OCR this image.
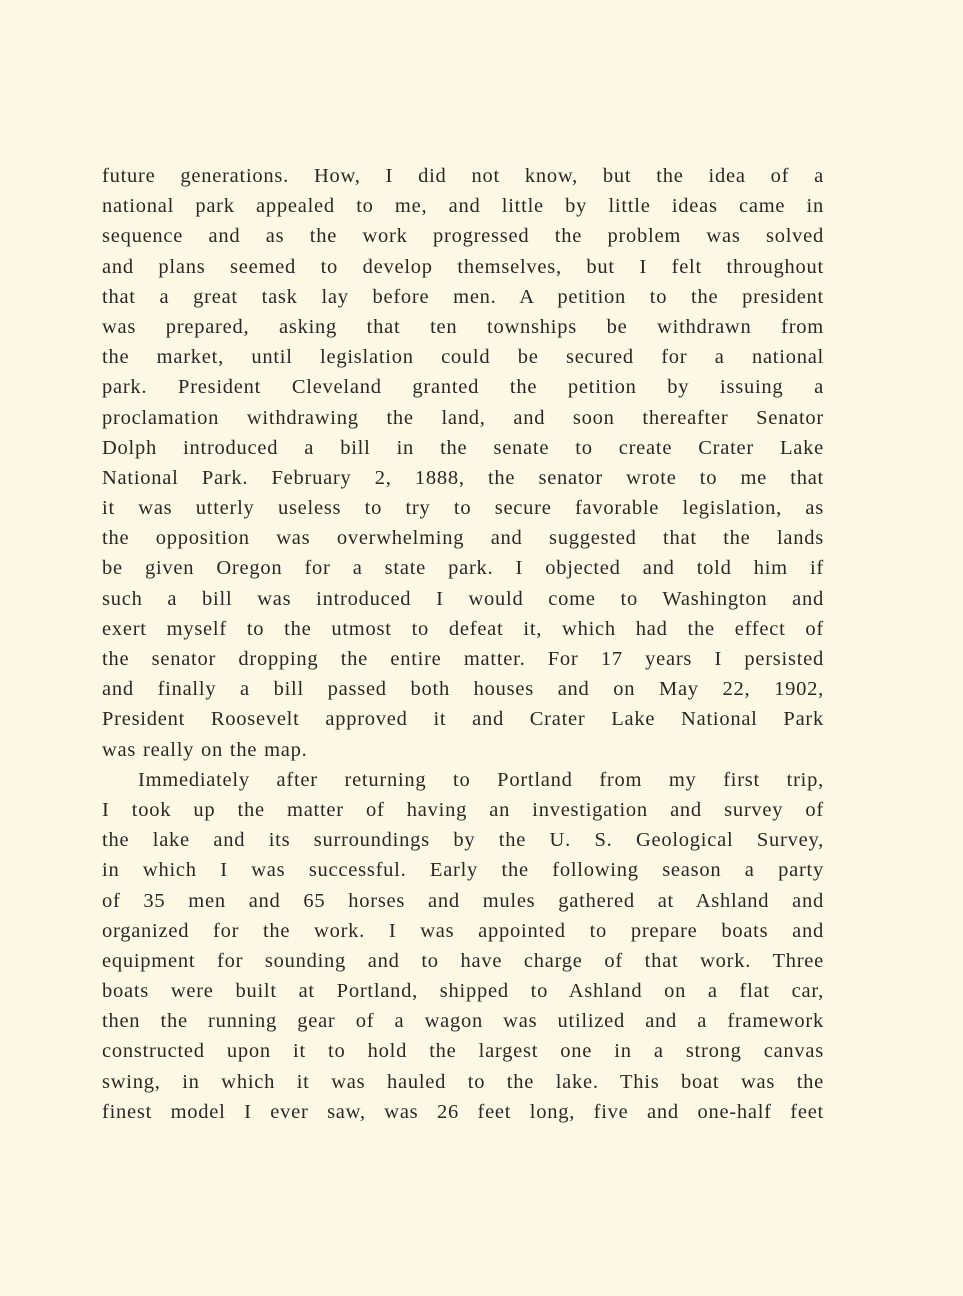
future generations. How, I did not know, but the idea of a
national park appealed to me, and little by little ideas came in
sequence and as the work progressed the problem was solved
and plans seemed to develop themselves, but I felt throughout
that a great task lay before men. A petition to the president
was prepared, asking that ten townships be withdrawn from
the market, until legislation could be secured for a national
park. President Cleveland granted the petition by issuing a
proclamation withdrawing the land, and soon thereafter Senator
Dolph introduced a bill in the senate to create Crater Lake
National Park. February 2, 1888, the senator wrote to me that
it was utterly useless to try to secure favorable legislation, as
the opposition was overwhelming and suggested that the lands
be given Oregon for a state park. I objected and told him if
such a bill was introduced I would come to Washington and
exert myself to the utmost to defeat it, which had the effect of
the senator dropping the entire matter. For 17 years I persisted
and finally a bill passed both houses and on May 22, 1902,
President Roosevelt approved it and Crater Lake National Park
was really on the map.
Immediately after returning to Portland from my first trip,
I took up the matter of having an investigation and survey of
the lake and its surroundings by the U. S. Geological Survey,
in which I was successful. Early the following season a party
of 35 men and 65 horses and mules gathered at Ashland and
organized for the work. I was appointed to prepare boats and
equipment for sounding and to have charge of that work. Three
boats were built at Portland, shipped to Ashland on a flat car,
then the running gear of a wagon was utilized and a framework
constructed upon it to hold the largest one in a strong canvas
swing, in which it was hauled to the lake. This boat was the
finest model I ever saw, was 26 feet long, five and one-half feet
